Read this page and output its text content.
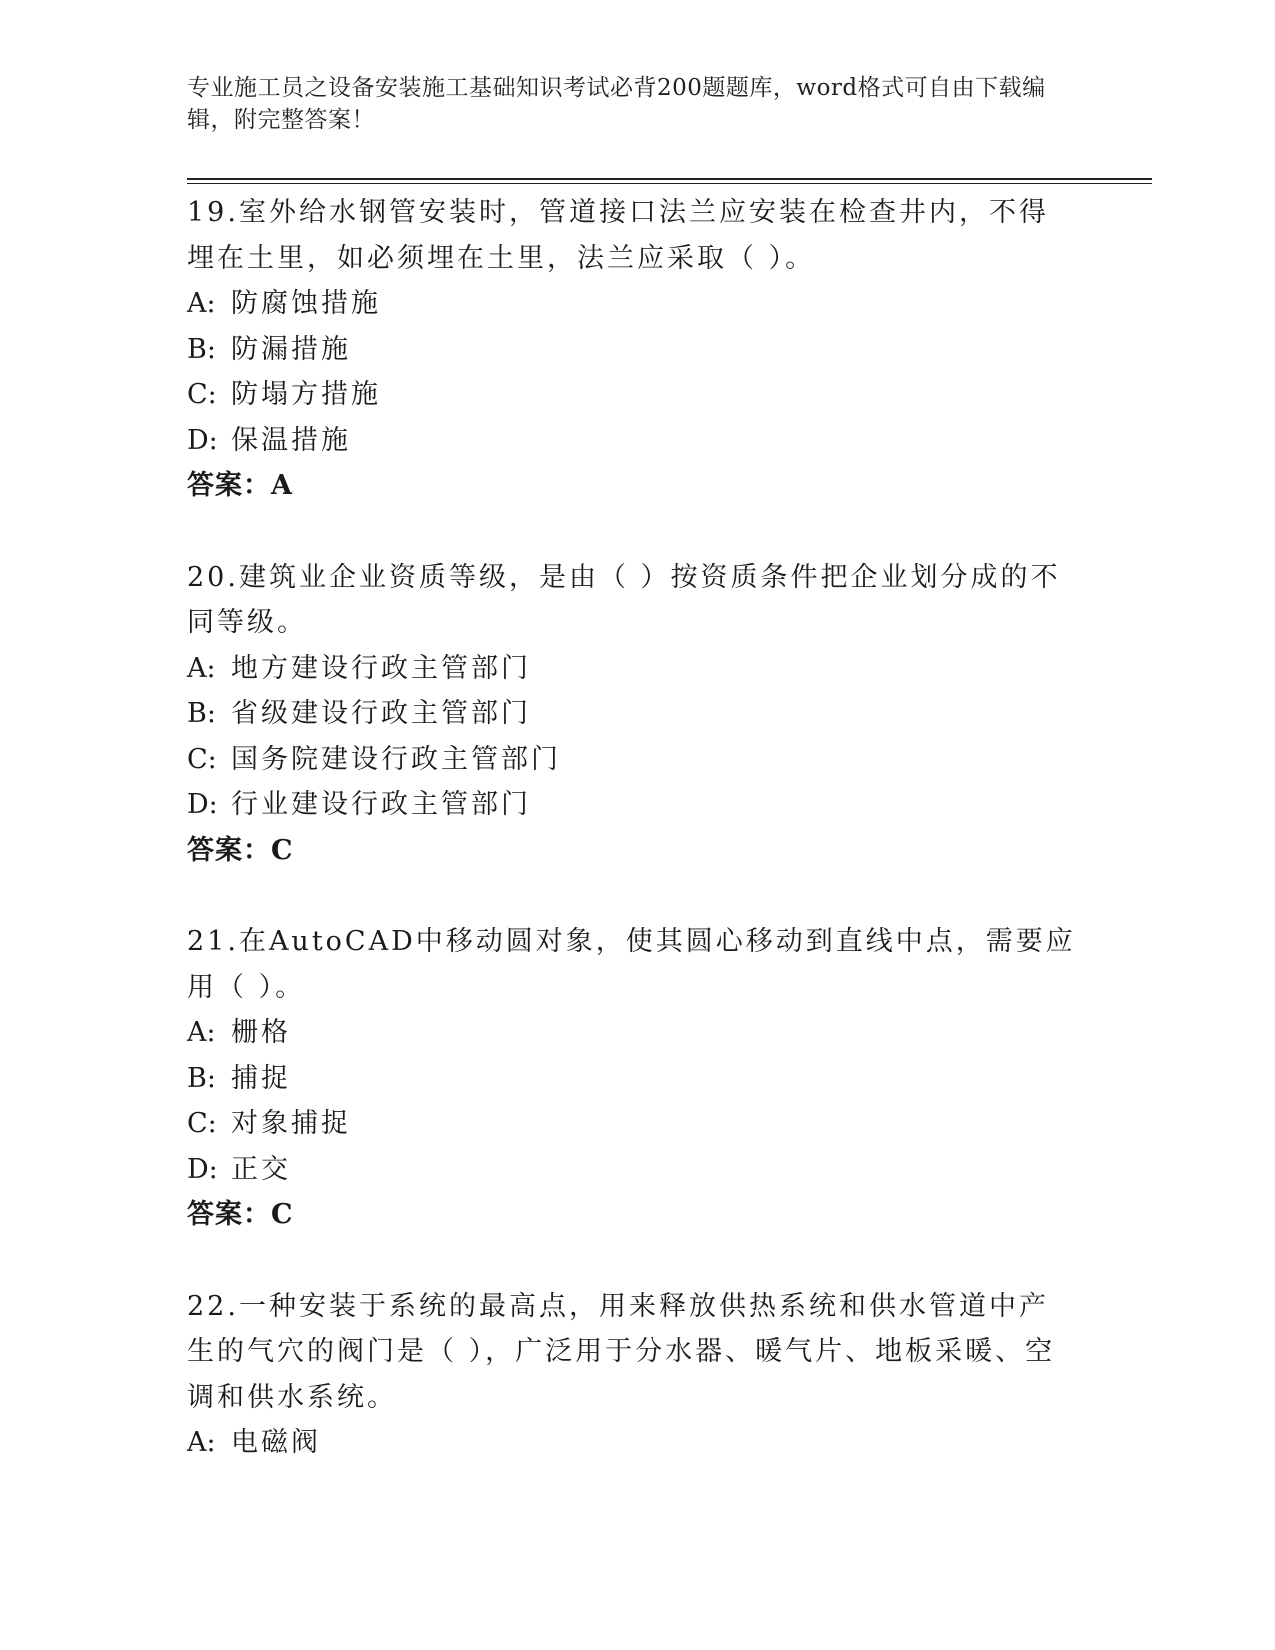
专业施工员之设备安装施工基础知识考试必背200题题库，word格式可自由下载编辑，附完整答案！

19.室外给水钢管安装时，管道接口法兰应安装在检查井内，不得埋在土里，如必须埋在土里，法兰应采取（ ）。

A: 防腐蚀措施

B: 防漏措施

C: 防塌方措施

D: 保温措施

答案：A

20.建筑业企业资质等级，是由（ ）按资质条件把企业划分成的不同等级。

A: 地方建设行政主管部门

B: 省级建设行政主管部门

C: 国务院建设行政主管部门

D: 行业建设行政主管部门

答案：C

21.在AutoCAD中移动圆对象，使其圆心移动到直线中点，需要应用（ ）。

A: 栅格

B: 捕捉

C: 对象捕捉

D: 正交

答案：C

22.一种安装于系统的最高点，用来释放供热系统和供水管道中产生的气穴的阀门是（ ），广泛用于分水器、暖气片、地板采暖、空调和供水系统。

A: 电磁阀
